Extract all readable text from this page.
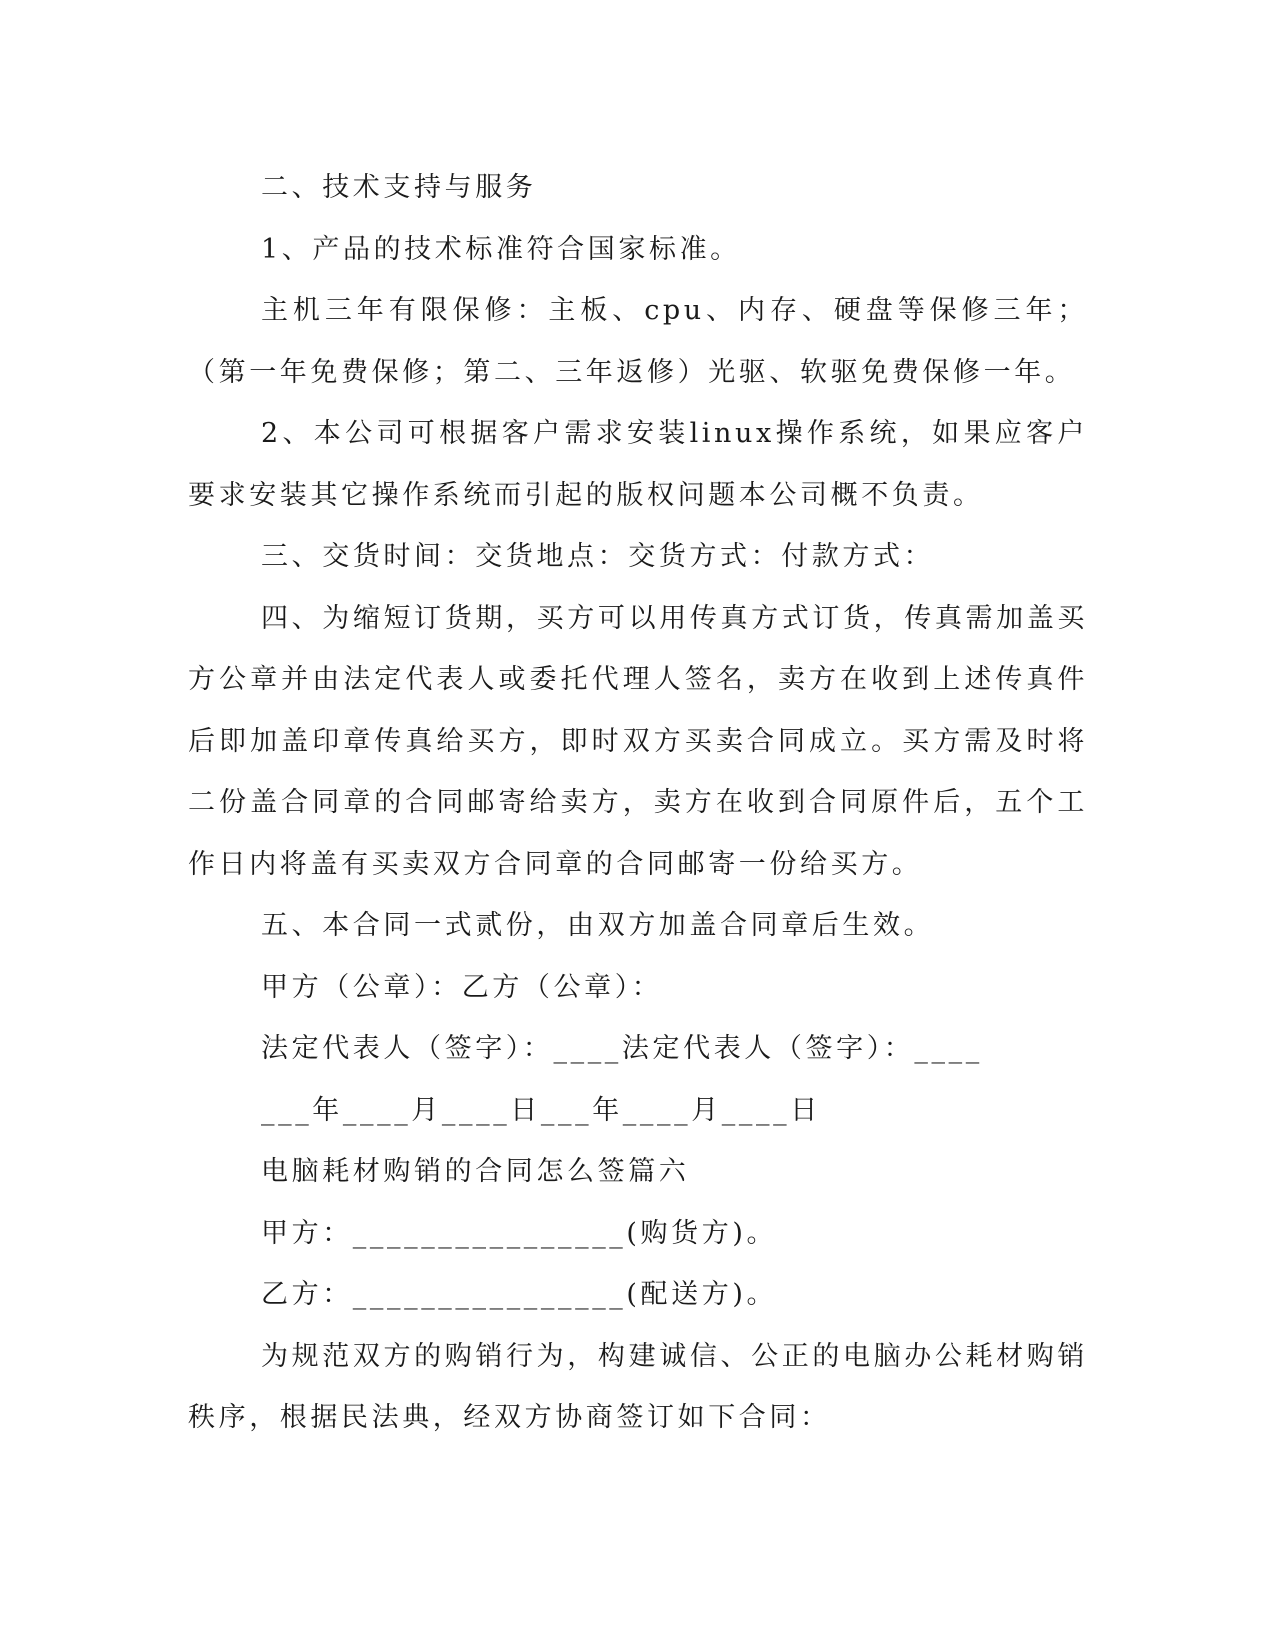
二、技术支持与服务

1、产品的技术标准符合国家标准。

主机三年有限保修：主板、cpu、内存、硬盘等保修三年；（第一年免费保修；第二、三年返修）光驱、软驱免费保修一年。

2、本公司可根据客户需求安装linux操作系统，如果应客户要求安装其它操作系统而引起的版权问题本公司概不负责。

三、交货时间：交货地点：交货方式：付款方式：

四、为缩短订货期，买方可以用传真方式订货，传真需加盖买方公章并由法定代表人或委托代理人签名，卖方在收到上述传真件后即加盖印章传真给买方，即时双方买卖合同成立。买方需及时将二份盖合同章的合同邮寄给卖方，卖方在收到合同原件后，五个工作日内将盖有买卖双方合同章的合同邮寄一份给买方。

五、本合同一式贰份，由双方加盖合同章后生效。

甲方（公章）：乙方（公章）：

法定代表人（签字）：____法定代表人（签字）：____

___年____月____日___年____月____日

电脑耗材购销的合同怎么签篇六

甲方：________________(购货方)。

乙方：________________(配送方)。

为规范双方的购销行为，构建诚信、公正的电脑办公耗材购销秩序，根据民法典，经双方协商签订如下合同：
